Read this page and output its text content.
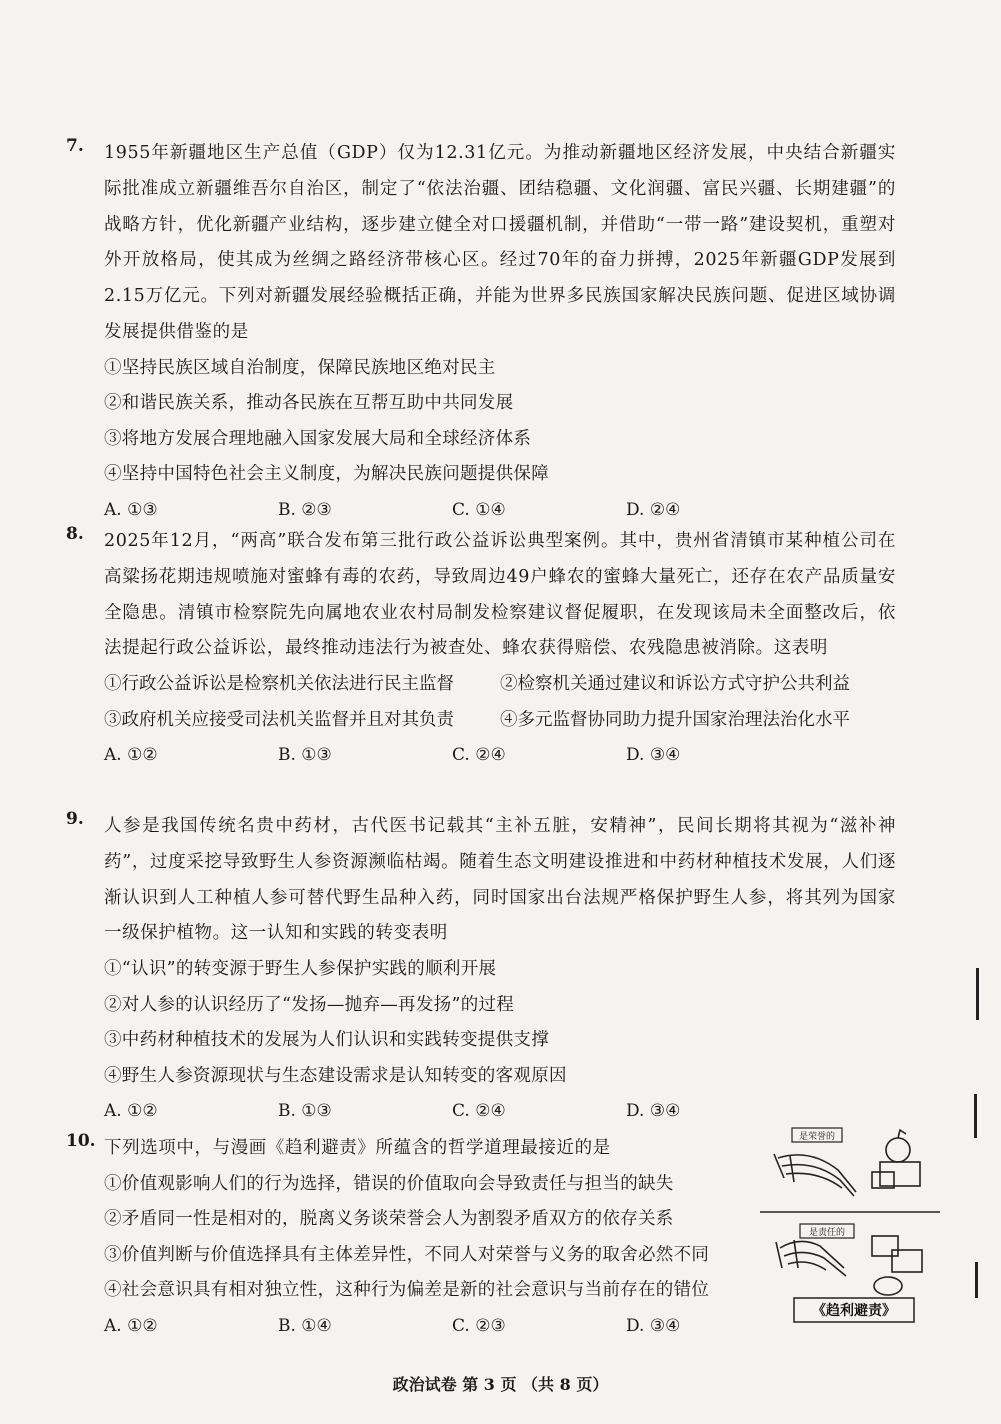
7. 1955年新疆地区生产总值（GDP）仅为12.31亿元。为推动新疆地区经济发展，中央结合新疆实际批准成立新疆维吾尔自治区，制定了“依法治疆、团结稳疆、文化润疆、富民兴疆、长期建疆”的战略方针，优化新疆产业结构，逐步建立健全对口援疆机制，并借助“一带一路”建设契机，重塑对外开放格局，使其成为丝绸之路经济带核心区。经过70年的奋力拼搏，2025年新疆GDP发展到2.15万亿元。下列对新疆发展经验概括正确，并能为世界多民族国家解决民族问题、促进区域协调发展提供借鉴的是
①坚持民族区域自治制度，保障民族地区绝对民主
②和谐民族关系，推动各民族在互帮互助中共同发展
③将地方发展合理地融入国家发展大局和全球经济体系
④坚持中国特色社会主义制度，为解决民族问题提供保障
A. ①③	B. ②③	C. ①④	D. ②④
8. 2025年12月，“两高”联合发布第三批行政公益诉讼典型案例。其中，贵州省清镇市某种植公司在高粱扬花期违规喷施对蜜蜂有毒的农药，导致周边49户蜂农的蜜蜂大量死亡，还存在农产品质量安全隐患。清镇市检察院先向属地农业农村局制发检察建议督促履职，在发现该局未全面整改后，依法提起行政公益诉讼，最终推动违法行为被查处、蜂农获得赔偿、农残隐患被消除。这表明
①行政公益诉讼是检察机关依法进行民主监督	②检察机关通过建议和诉讼方式守护公共利益
③政府机关应接受司法机关监督并且对其负责	④多元监督协同助力提升国家治理法治化水平
A. ①②	B. ①③	C. ②④	D. ③④
9. 人参是我国传统名贵中药材，古代医书记载其“主补五脏，安精神”，民间长期将其视为“滋补神药”，过度采挖导致野生人参资源濒临枯竭。随着生态文明建设推进和中药材种植技术发展，人们逐渐认识到人工种植人参可替代野生品种入药，同时国家出台法规严格保护野生人参，将其列为国家一级保护植物。这一认知和实践的转变表明
①“认识”的转变源于野生人参保护实践的顺利开展
②对人参的认识经历了“发扬—抛弃—再发扬”的过程
③中药材种植技术的发展为人们认识和实践转变提供支撑
④野生人参资源现状与生态建设需求是认知转变的客观原因
A. ①②	B. ①③	C. ②④	D. ③④
10. 下列选项中，与漫画《趋利避责》所蕴含的哲学道理最接近的是
①价值观影响人们的行为选择，错误的价值取向会导致责任与担当的缺失
②矛盾同一性是相对的，脱离义务谈荣誉会人为割裂矛盾双方的依存关系
③价值判断与价值选择具有主体差异性，不同人对荣誉与义务的取舍必然不同
④社会意识具有相对独立性，这种行为偏差是新的社会意识与当前存在的错位
A. ①②	B. ①④	C. ②③	D. ③④
是荣誉的
是责任的
《趋利避责》
政治试卷 第 3 页 （共 8 页）
